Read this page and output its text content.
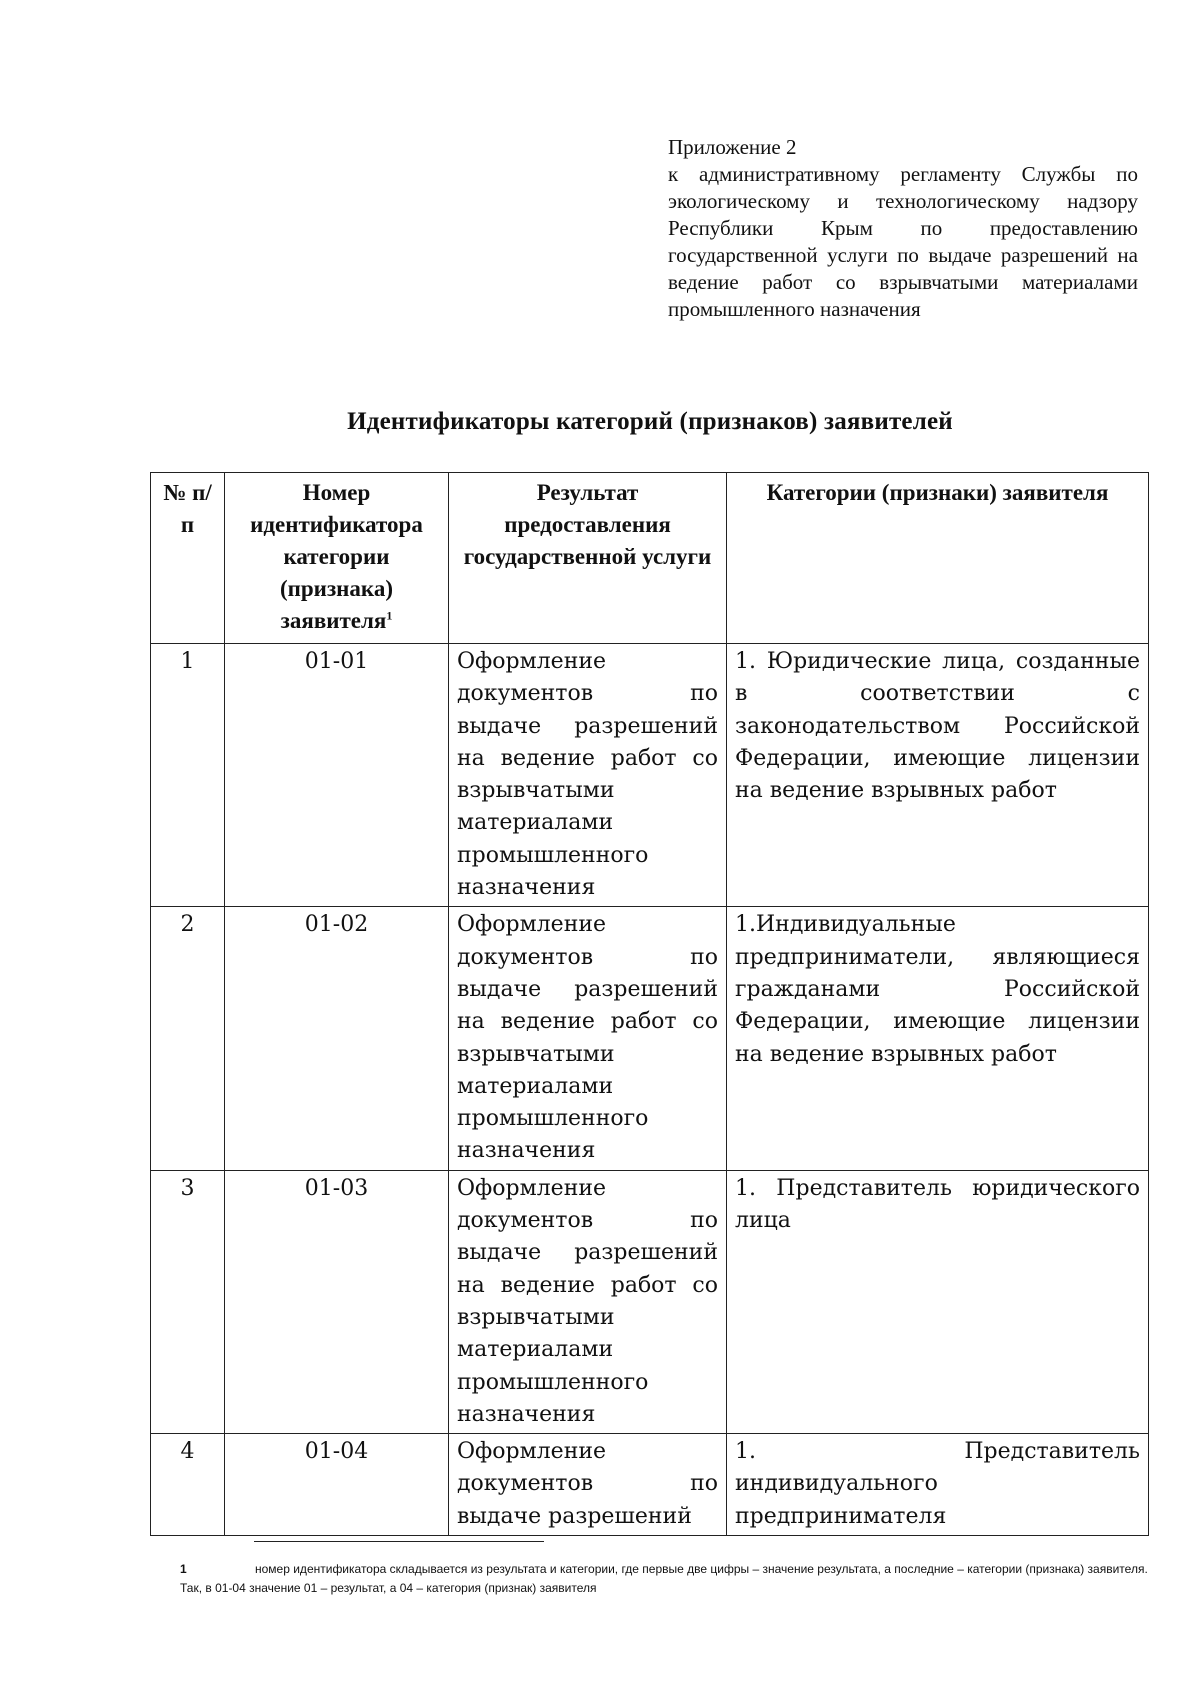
Приложение 2
к административному регламенту Службы по экологическому и технологическому надзору Республики Крым по предоставлению государственной услуги по выдаче разрешений на ведение работ со взрывчатыми материалами промышленного назначения
Идентификаторы категорий (признаков) заявителей
№ п/п	Номер идентификатора категории (признака) заявителя$^1$	Результат предоставления государственной услуги	Категории (признаки) заявителя
1	01-01	Оформление документов по выдаче разрешений на ведение работ со взрывчатыми материалами промышленного назначения	1. Юридические лица, созданные в соответствии с законодательством Российской Федерации, имеющие лицензии на ведение взрывных работ
2	01-02	Оформление документов по выдаче разрешений на ведение работ со взрывчатыми материалами промышленного назначения	1.Индивидуальные предприниматели, являющиеся гражданами Российской Федерации, имеющие лицензии на ведение взрывных работ
3	01-03	Оформление документов по выдаче разрешений на ведение работ со взрывчатыми материалами промышленного назначения	1. Представитель юридического лица
4	01-04	Оформление документов по выдаче разрешений	1. Представитель индивидуального предпринимателя
1	номер идентификатора складывается из результата и категории, где первые две цифры – значение результата, а последние – категории (признака) заявителя. Так, в 01-04 значение 01 – результат, а 04 – категория (признак) заявителя
